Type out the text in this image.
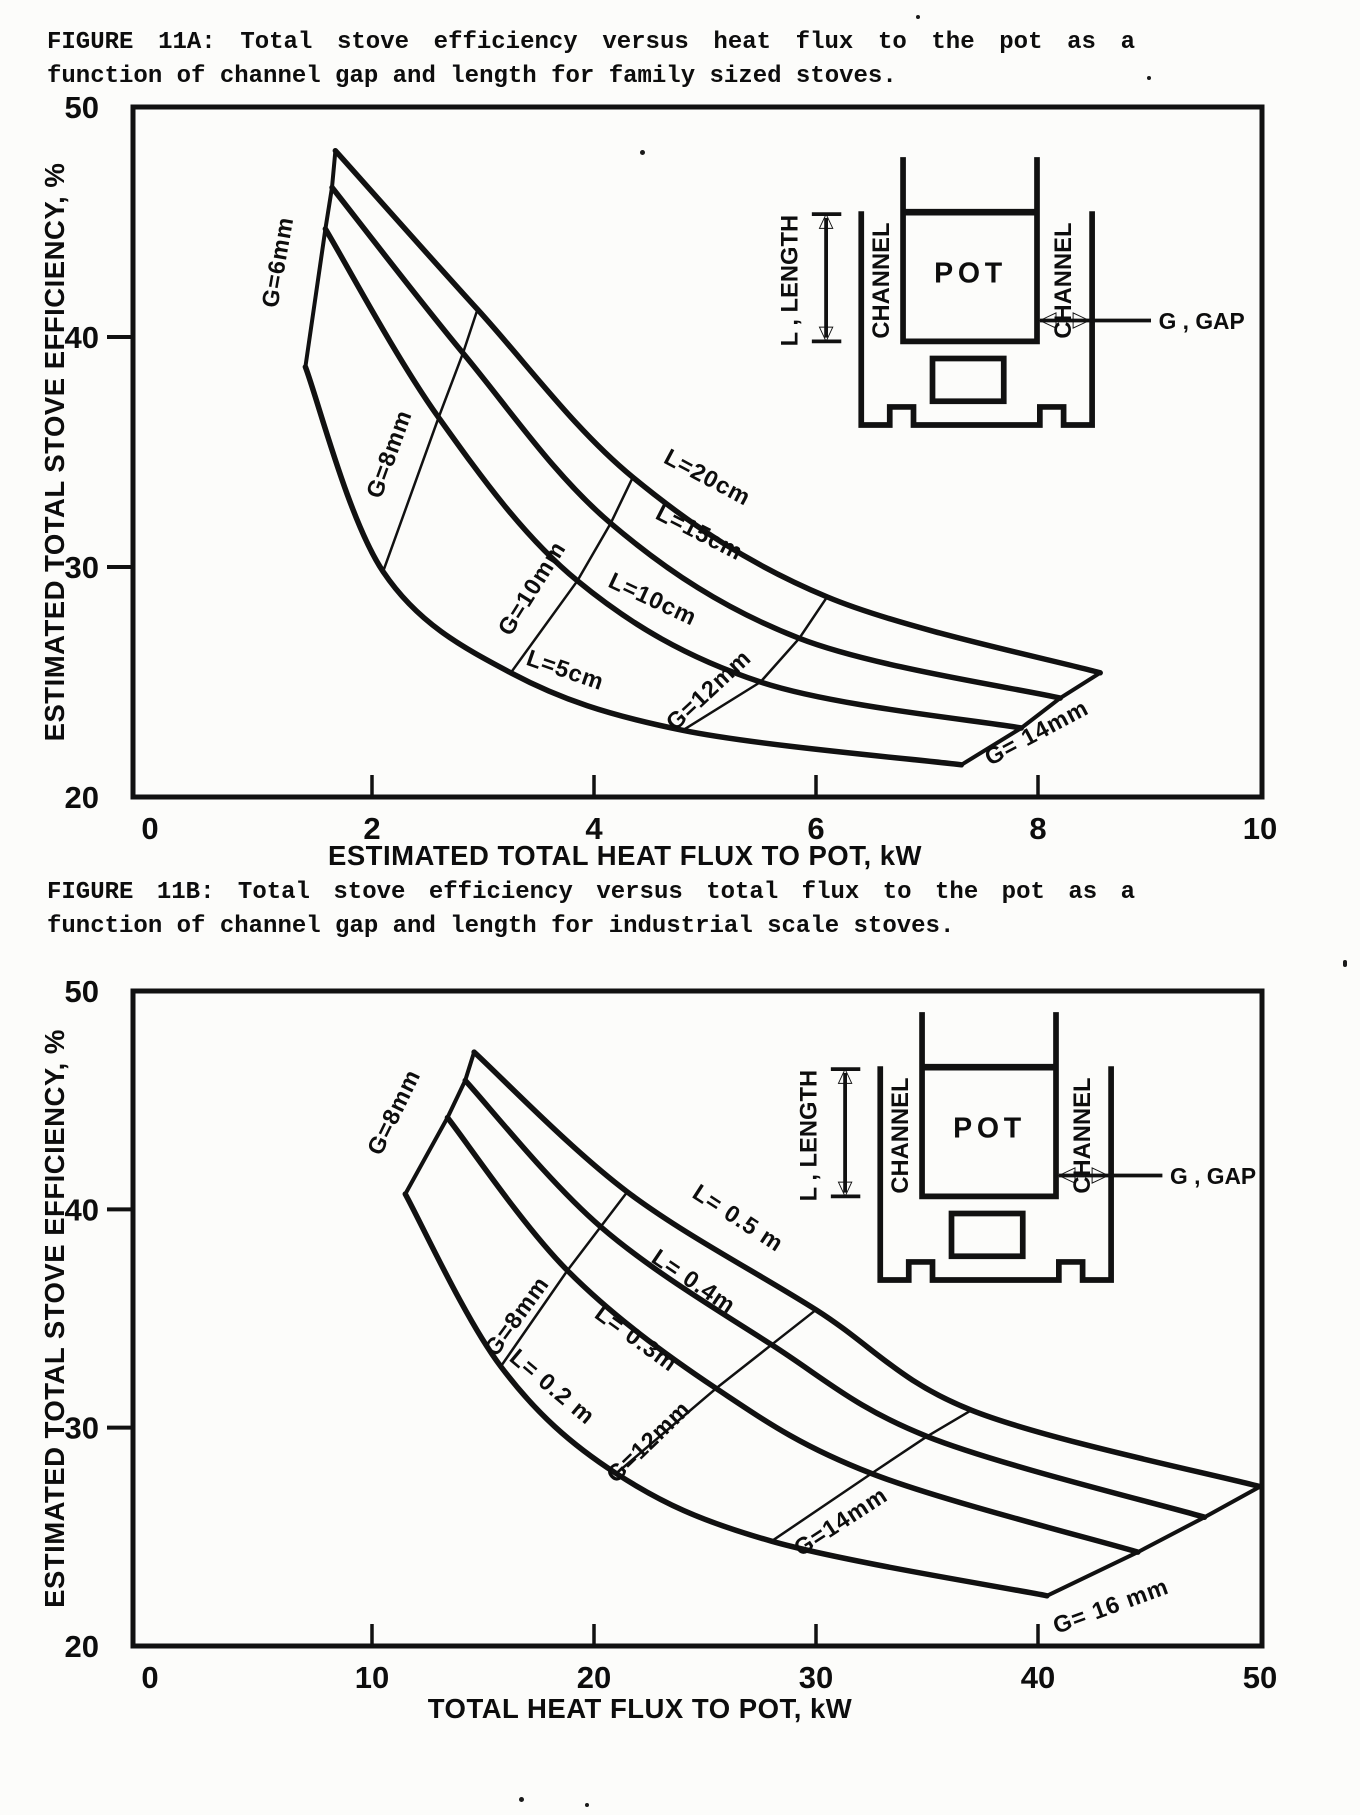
FIGURE 11A: Total stove efficiency versus heat flux to the pot as a
function of channel gap and length for family sized stoves.
0	2	4	6	8	10
50
40
30
20
L=20cm
L=15cm
L=10cm
L=5cm
G=6mm
G=8mm
G=10mm
G=12mm	G= 14mm
ESTIMATED TOTAL HEAT FLUX TO POT, kW
ESTIMATED TOTAL STOVE EFFICIENCY, %	L , LENGTH	CHANNEL	CHANNEL
POT
G , GAP
FIGURE 11B: Total stove efficiency versus total flux to the pot as a
function of channel gap and length for industrial scale stoves.
0	10	20	30	40	50
50
40
30
20
L= 0.5 m
L= 0.4m
L= 0.3m
L= 0.2 m
G=8mm
G=8mm
G=12mm
G=14mm
G= 16 mm
TOTAL HEAT FLUX TO POT, kW
ESTIMATED TOTAL STOVE EFFICIENCY, %	L , LENGTH	CHANNEL	CHANNEL
POT
G , GAP
